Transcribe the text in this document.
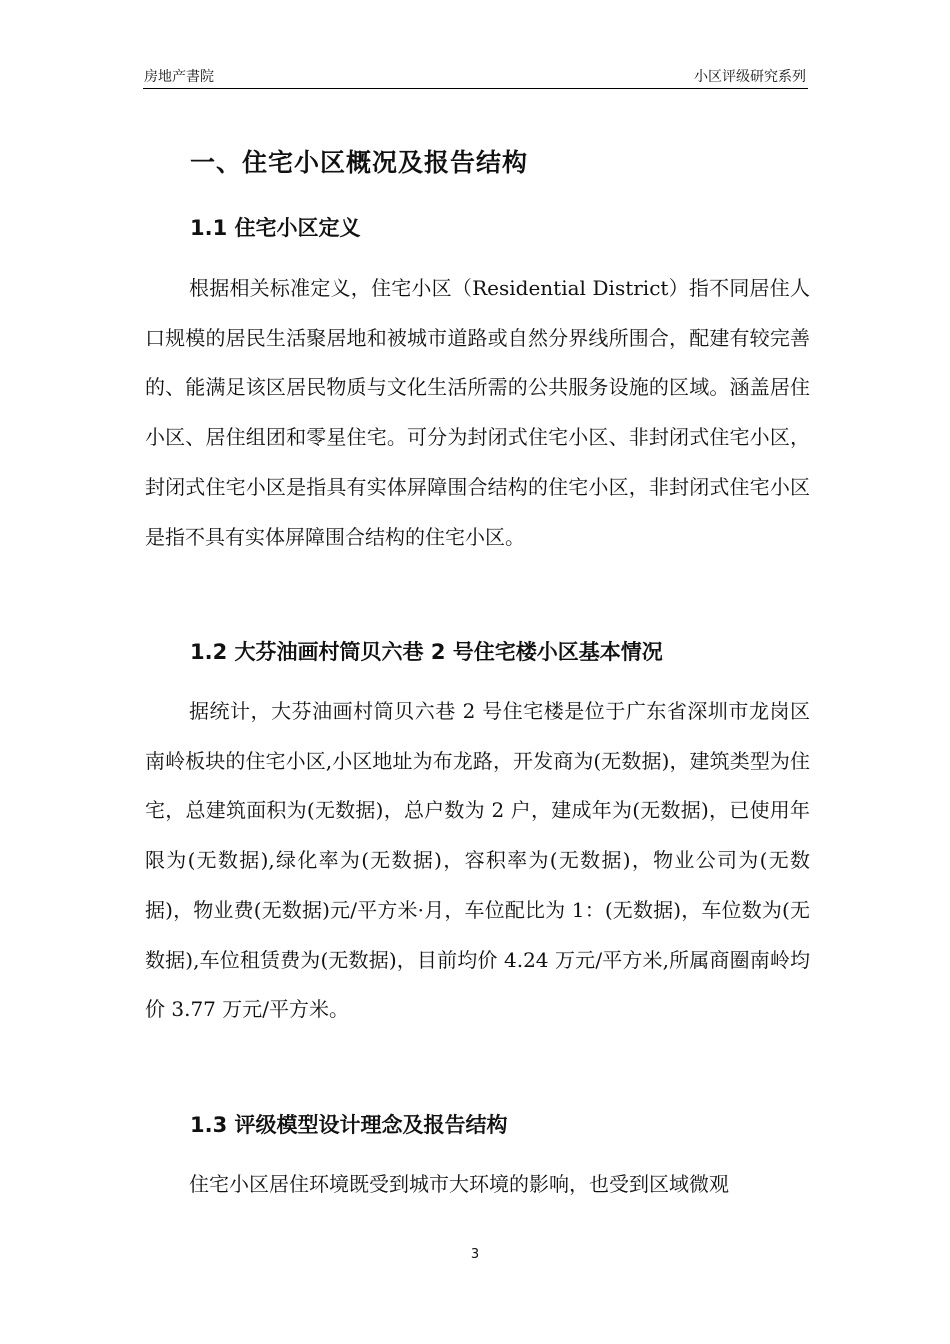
房地产書院	小区评级研究系列
一、住宅小区概况及报告结构
1.1 住宅小区定义

根据相关标准定义，住宅小区（Residential District）指不同居住人口规模的居民生活聚居地和被城市道路或自然分界线所围合，配建有较完善的、能满足该区居民物质与文化生活所需的公共服务设施的区域。涵盖居住小区、居住组团和零星住宅。可分为封闭式住宅小区、非封闭式住宅小区，封闭式住宅小区是指具有实体屏障围合结构的住宅小区，非封闭式住宅小区是指不具有实体屏障围合结构的住宅小区。

1.2 大芬油画村筒贝六巷 2 号住宅楼小区基本情况

据统计，大芬油画村筒贝六巷 2 号住宅楼是位于广东省深圳市龙岗区南岭板块的住宅小区,小区地址为布龙路，开发商为(无数据)，建筑类型为住宅，总建筑面积为(无数据)，总户数为 2 户，建成年为(无数据)，已使用年限为(无数据),绿化率为(无数据)，容积率为(无数据)，物业公司为(无数据)，物业费(无数据)元/平方米·月，车位配比为 1：(无数据)，车位数为(无数据),车位租赁费为(无数据)，目前均价 4.24 万元/平方米,所属商圈南岭均价 3.77 万元/平方米。

1.3 评级模型设计理念及报告结构

住宅小区居住环境既受到城市大环境的影响，也受到区域微观

3
